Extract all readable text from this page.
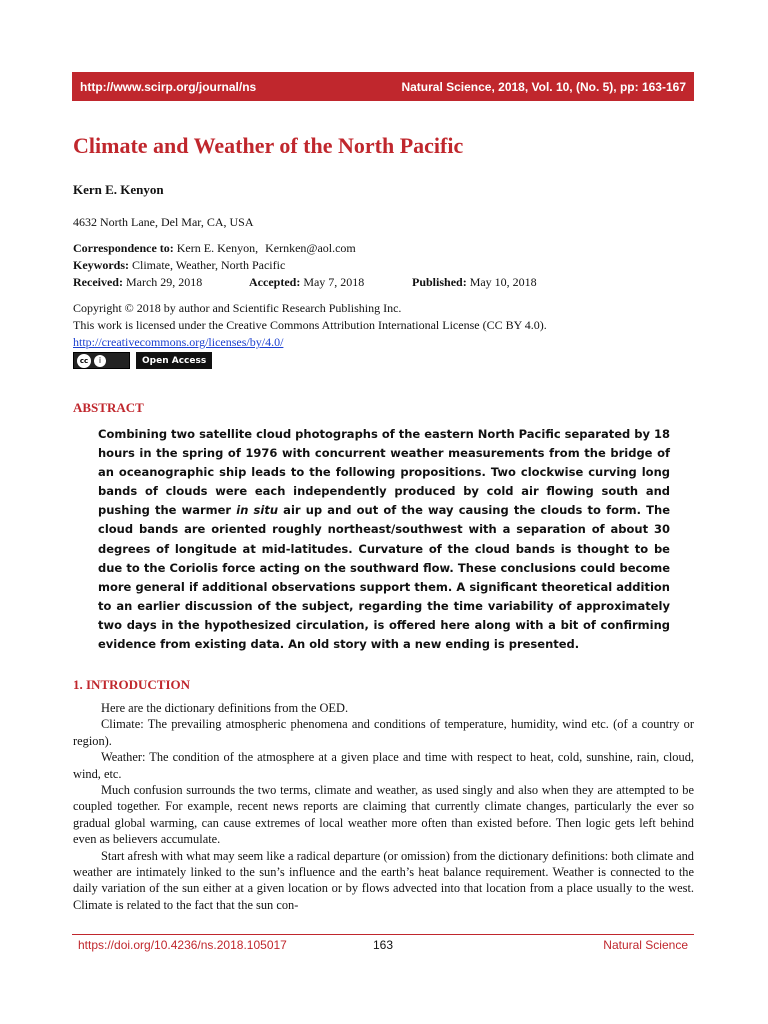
http://www.scirp.org/journal/ns	Natural Science, 2018, Vol. 10, (No. 5), pp: 163-167
Climate and Weather of the North Pacific
Kern E. Kenyon
4632 North Lane, Del Mar, CA, USA
Correspondence to: Kern E. Kenyon, Kernken@aol.com
Keywords: Climate, Weather, North Pacific
Received: March 29, 2018	Accepted: May 7, 2018	Published: May 10, 2018
Copyright © 2018 by author and Scientific Research Publishing Inc.
This work is licensed under the Creative Commons Attribution International License (CC BY 4.0).
http://creativecommons.org/licenses/by/4.0/
cc	i	Open Access
ABSTRACT
Combining two satellite cloud photographs of the eastern North Pacific separated by 18 hours in the spring of 1976 with concurrent weather measurements from the bridge of an oceanographic ship leads to the following propositions. Two clockwise curving long bands of clouds were each independently produced by cold air flowing south and pushing the warmer in situ air up and out of the way causing the clouds to form. The cloud bands are oriented roughly northeast/southwest with a separation of about 30 degrees of longitude at mid-latitudes. Curvature of the cloud bands is thought to be due to the Coriolis force acting on the southward flow. These conclusions could become more general if additional observations support them. A significant theoretical addition to an earlier discussion of the subject, regarding the time variability of approximately two days in the hypothesized circulation, is offered here along with a bit of confirming evidence from existing data. An old story with a new ending is presented.
1. INTRODUCTION

Here are the dictionary definitions from the OED.

Climate: The prevailing atmospheric phenomena and conditions of temperature, humidity, wind etc. (of a country or region).

Weather: The condition of the atmosphere at a given place and time with respect to heat, cold, sunshine, rain, cloud, wind, etc.

Much confusion surrounds the two terms, climate and weather, as used singly and also when they are attempted to be coupled together. For example, recent news reports are claiming that currently climate changes, particularly the ever so gradual global warming, can cause extremes of local weather more often than existed before. Then logic gets left behind even as believers accumulate.

Start afresh with what may seem like a radical departure (or omission) from the dictionary definitions: both climate and weather are intimately linked to the sun’s influence and the earth’s heat balance requirement. Weather is connected to the daily variation of the sun either at a given location or by flows advected into that location from a place usually to the west. Climate is related to the fact that the sun con-

https://doi.org/10.4236/ns.2018.105017	163	Natural Science
